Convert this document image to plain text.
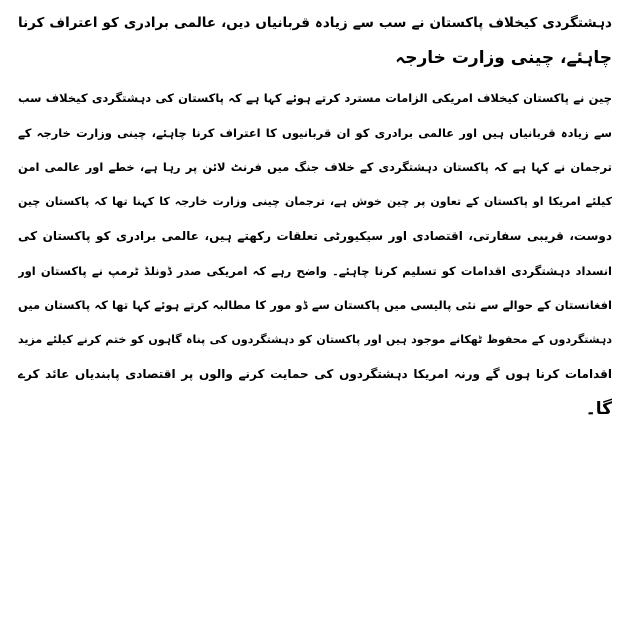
دہشتگردی کیخلاف پاکستان نے سب سے زیادہ قربانیاں دیں، عالمی برادری کو اعتراف کرنا
چاہئے، چینی وزارت خارجہ
چین نے پاکستان کیخلاف امریکی الزامات مسترد کرتے ہوئے کہا ہے کہ پاکستان کی دہشتگردی کیخلاف سب
سے زیادہ قربانیاں ہیں اور عالمی برادری کو ان قربانیوں کا اعتراف کرنا چاہئے، چینی وزارت خارجہ کے
ترجمان نے کہا ہے کہ پاکستان دہشتگردی کے خلاف جنگ میں فرنٹ لائن پر رہا ہے، خطے اور عالمی امن
کیلئے امریکا او پاکستان کے تعاون پر چین خوش ہے، ترجمان چینی وزارت خارجہ کا کہنا تھا کہ پاکستان چین
دوست، قریبی سفارتی، اقتصادی اور سیکیورٹی تعلقات رکھتے ہیں، عالمی برادری کو پاکستان کی
انسداد دہشتگردی اقدامات کو تسلیم کرنا چاہئے۔ واضح رہے کہ امریکی صدر ڈونلڈ ٹرمپ نے پاکستان اور
افغانستان کے حوالے سے نئی پالیسی میں پاکستان سے ڈو مور کا مطالبہ کرتے ہوئے کہا تھا کہ پاکستان میں
دہشتگردوں کے محفوظ ٹھکانے موجود ہیں اور پاکستان کو دہشتگردوں کی پناہ گاہوں کو ختم کرنے کیلئے مزید
اقدامات کرنا ہوں گے ورنہ امریکا دہشتگردوں کی حمایت کرنے والوں پر اقتصادی پابندیاں عائد کرے
گا۔
